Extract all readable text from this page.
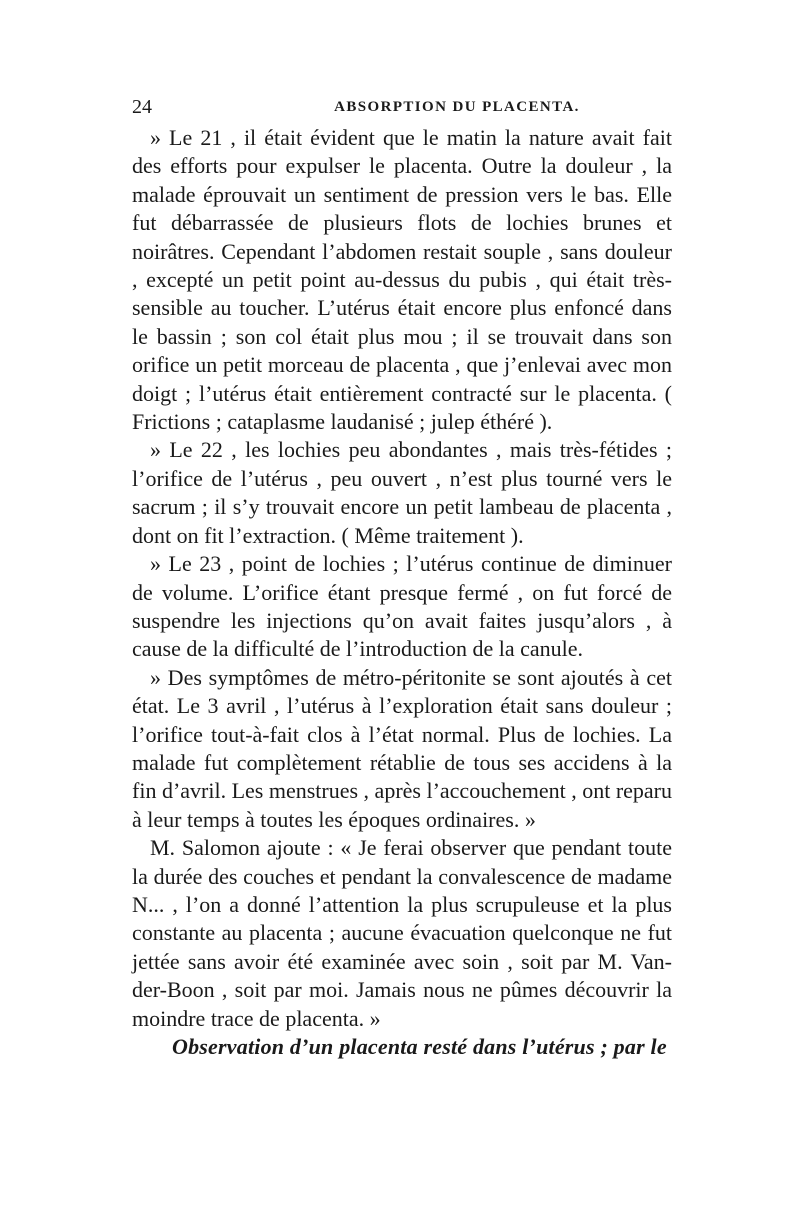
24	ABSORPTION DU PLACENTA.

» Le 21 , il était évident que le matin la nature avait fait des efforts pour expulser le placenta. Outre la douleur , la malade éprouvait un sentiment de pression vers le bas. Elle fut débarrassée de plusieurs flots de lochies brunes et noirâtres. Cependant l’abdomen restait souple , sans douleur , excepté un petit point au-dessus du pubis , qui était très-sensible au toucher. L’utérus était encore plus enfoncé dans le bassin ; son col était plus mou ; il se trouvait dans son orifice un petit morceau de placenta , que j’enlevai avec mon doigt ; l’utérus était entièrement contracté sur le placenta. ( Frictions ; cataplasme laudanisé ; julep éthéré ).

» Le 22 , les lochies peu abondantes , mais très-fétides ; l’orifice de l’utérus , peu ouvert , n’est plus tourné vers le sacrum ; il s’y trouvait encore un petit lambeau de placenta , dont on fit l’extraction. ( Même traitement ).

» Le 23 , point de lochies ; l’utérus continue de diminuer de volume. L’orifice étant presque fermé , on fut forcé de suspendre les injections qu’on avait faites jusqu’alors , à cause de la difficulté de l’introduction de la canule.

» Des symptômes de métro-péritonite se sont ajoutés à cet état. Le 3 avril , l’utérus à l’exploration était sans douleur ; l’orifice tout-à-fait clos à l’état normal. Plus de lochies. La malade fut complètement rétablie de tous ses accidens à la fin d’avril. Les menstrues , après l’accouchement , ont reparu à leur temps à toutes les époques ordinaires. »

M. Salomon ajoute : « Je ferai observer que pendant toute la durée des couches et pendant la convalescence de madame N... , l’on a donné l’attention la plus scrupuleuse et la plus constante au placenta ; aucune évacuation quelconque ne fut jettée sans avoir été examinée avec soin , soit par M. Van-der-Boon , soit par moi. Jamais nous ne pûmes découvrir la moindre trace de placenta. »

Observation d’un placenta resté dans l’utérus ; par le
